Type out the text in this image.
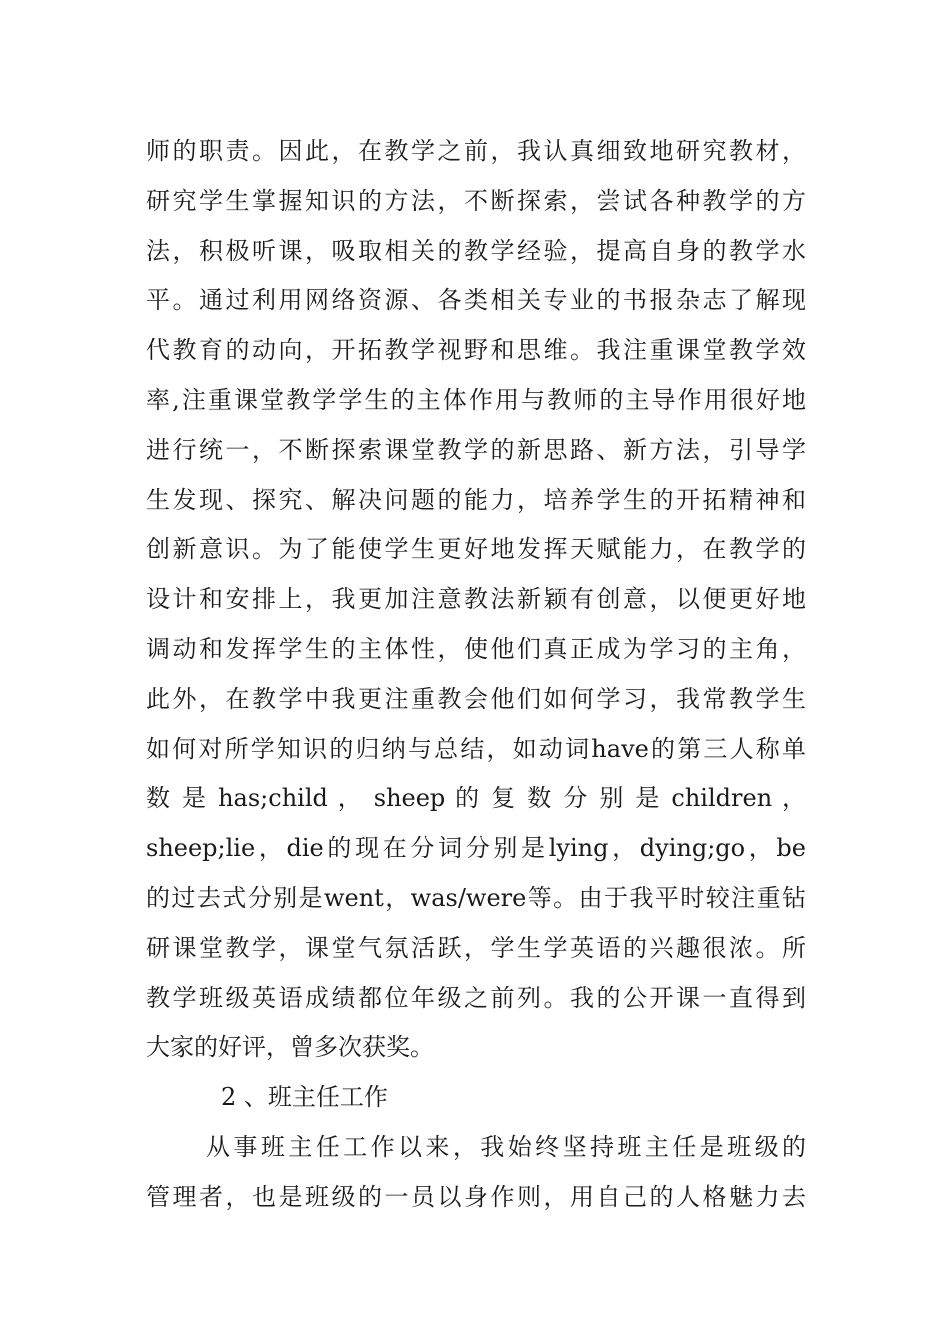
师的职责。因此，在教学之前，我认真细致地研究教材，
研究学生掌握知识的方法，不断探索，尝试各种教学的方
法，积极听课，吸取相关的教学经验，提高自身的教学水
平。通过利用网络资源、各类相关专业的书报杂志了解现
代教育的动向，开拓教学视野和思维。我注重课堂教学效
率,注重课堂教学学生的主体作用与教师的主导作用很好地
进行统一，不断探索课堂教学的新思路、新方法，引导学
生发现、探究、解决问题的能力，培养学生的开拓精神和
创新意识。为了能使学生更好地发挥天赋能力，在教学的
设计和安排上，我更加注意教法新颖有创意，以便更好地
调动和发挥学生的主体性，使他们真正成为学习的主角，
此外，在教学中我更注重教会他们如何学习，我常教学生
如何对所学知识的归纳与总结，如动词have的第三人称单
数 是 has;child ， sheep 的 复 数 分 别 是 children ，
sheep;lie，die的现在分词分别是lying，dying;go，be
的过去式分别是went，was/were等。由于我平时较注重钻
研课堂教学，课堂气氛活跃，学生学英语的兴趣很浓。所
教学班级英语成绩都位年级之前列。我的公开课一直得到
大家的好评，曾多次获奖。
2 、班主任工作
从事班主任工作以来，我始终坚持班主任是班级的
管理者，也是班级的一员以身作则，用自己的人格魅力去
